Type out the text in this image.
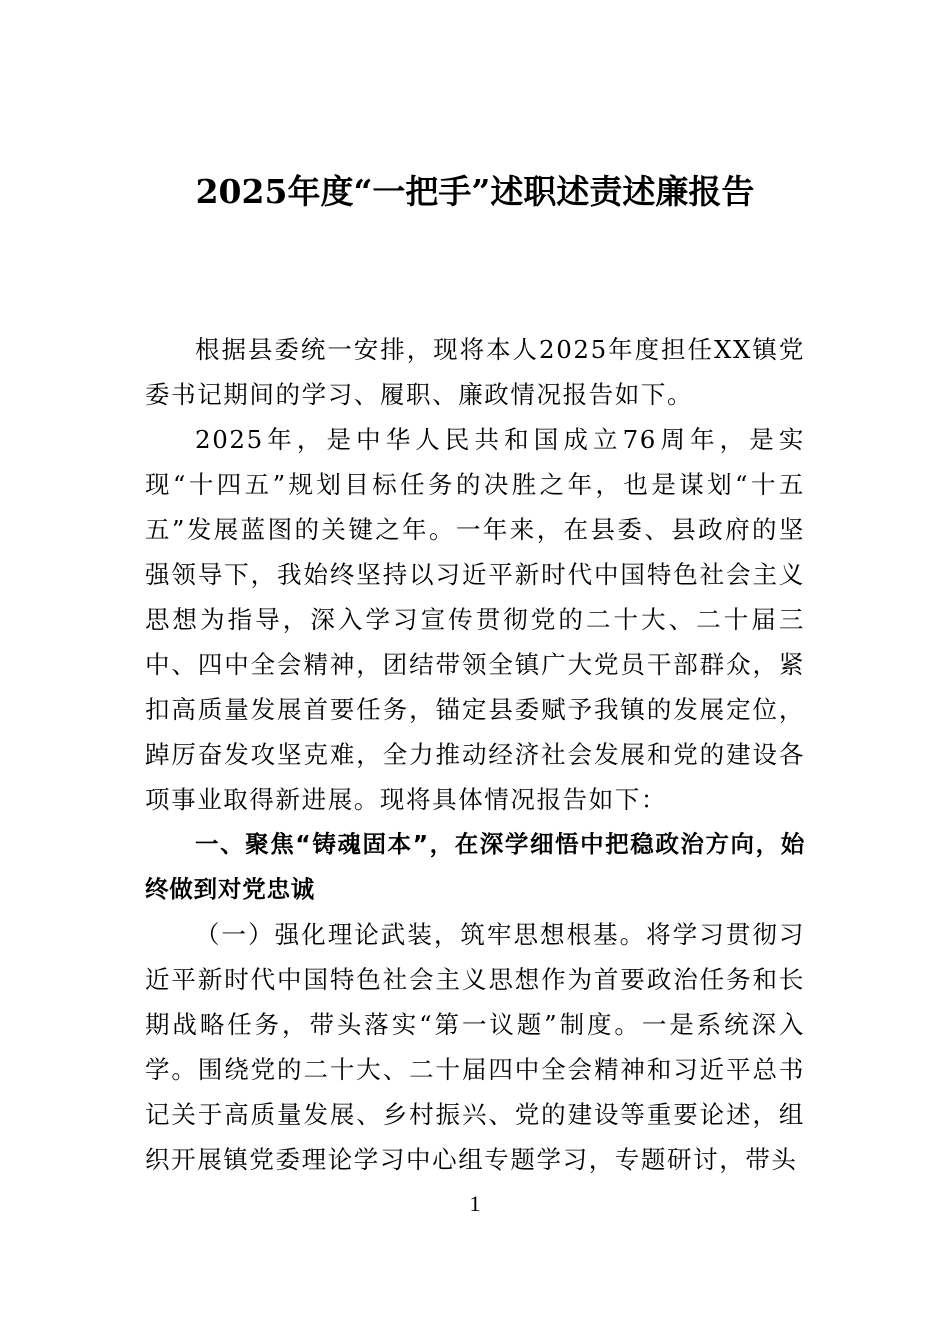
2025年度“一把手”述职述责述廉报告

根据县委统一安排，现将本人2025年度担任XX镇党委书记期间的学习、履职、廉政情况报告如下。

2025年，是中华人民共和国成立76周年，是实现“十四五”规划目标任务的决胜之年，也是谋划“十五五”发展蓝图的关键之年。一年来，在县委、县政府的坚强领导下，我始终坚持以习近平新时代中国特色社会主义思想为指导，深入学习宣传贯彻党的二十大、二十届三中、四中全会精神，团结带领全镇广大党员干部群众，紧扣高质量发展首要任务，锚定县委赋予我镇的发展定位，踔厉奋发攻坚克难，全力推动经济社会发展和党的建设各项事业取得新进展。现将具体情况报告如下：

一、聚焦“铸魂固本”，在深学细悟中把稳政治方向，始终做到对党忠诚

（一）强化理论武装，筑牢思想根基。将学习贯彻习近平新时代中国特色社会主义思想作为首要政治任务和长期战略任务，带头落实“第一议题”制度。一是系统深入学。围绕党的二十大、二十届四中全会精神和习近平总书记关于高质量发展、乡村振兴、党的建设等重要论述，组织开展镇党委理论学习中心组专题学习，专题研讨，带头

1
